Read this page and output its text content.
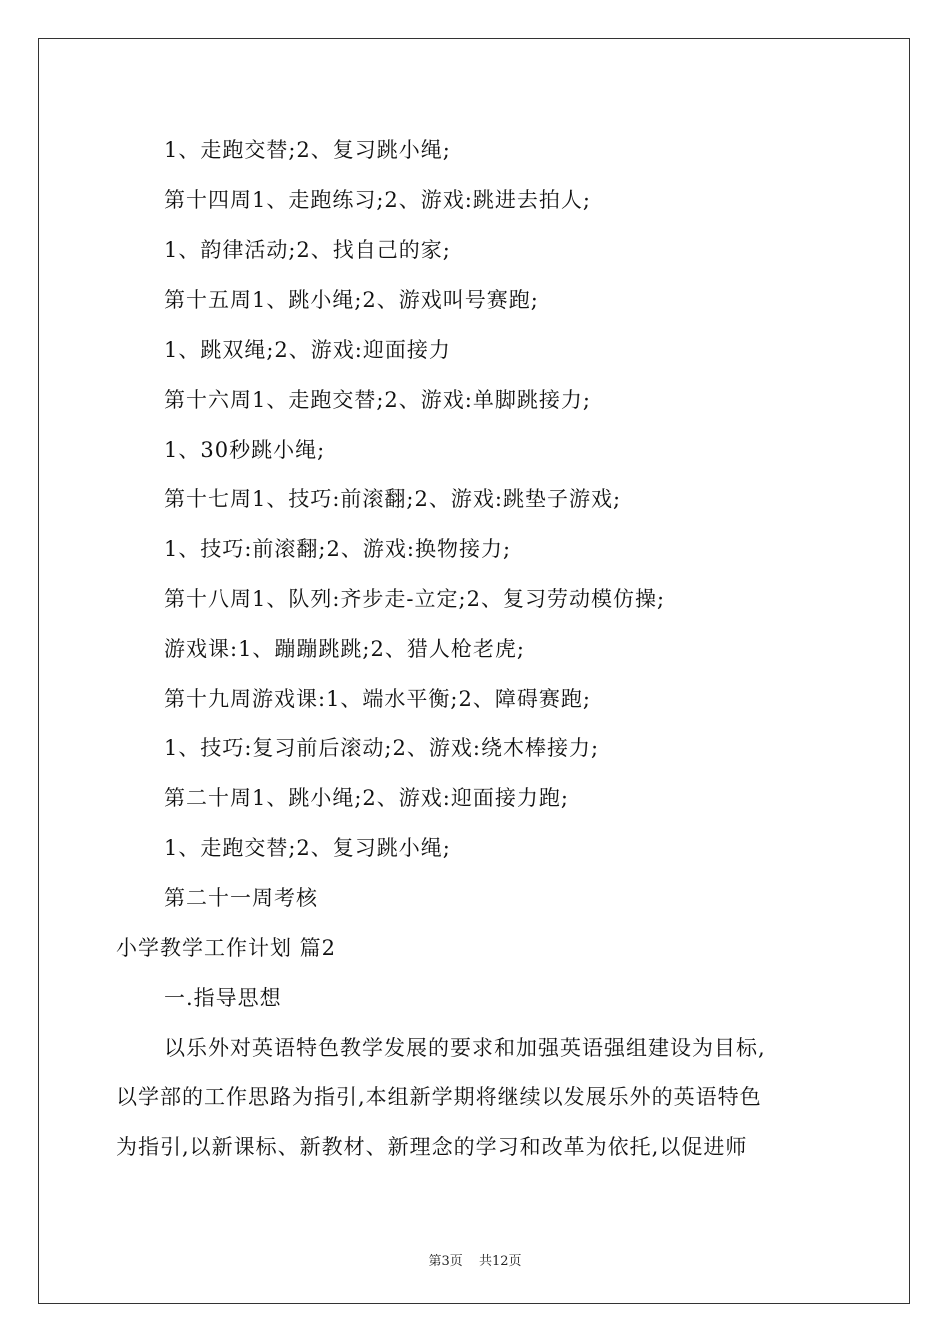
1、走跑交替;2、复习跳小绳;
第十四周1、走跑练习;2、游戏:跳进去拍人;
1、韵律活动;2、找自己的家;
第十五周1、跳小绳;2、游戏叫号赛跑;
1、跳双绳;2、游戏:迎面接力
第十六周1、走跑交替;2、游戏:单脚跳接力;
1、30秒跳小绳;
第十七周1、技巧:前滚翻;2、游戏:跳垫子游戏;
1、技巧:前滚翻;2、游戏:换物接力;
第十八周1、队列:齐步走-立定;2、复习劳动模仿操;
游戏课:1、蹦蹦跳跳;2、猎人枪老虎;
第十九周游戏课:1、端水平衡;2、障碍赛跑;
1、技巧:复习前后滚动;2、游戏:绕木棒接力;
第二十周1、跳小绳;2、游戏:迎面接力跑;
1、走跑交替;2、复习跳小绳;
第二十一周考核
小学教学工作计划 篇2
一.指导思想
以乐外对英语特色教学发展的要求和加强英语强组建设为目标,
以学部的工作思路为指引,本组新学期将继续以发展乐外的英语特色
为指引,以新课标、新教材、新理念的学习和改革为依托,以促进师
第3页 共12页
